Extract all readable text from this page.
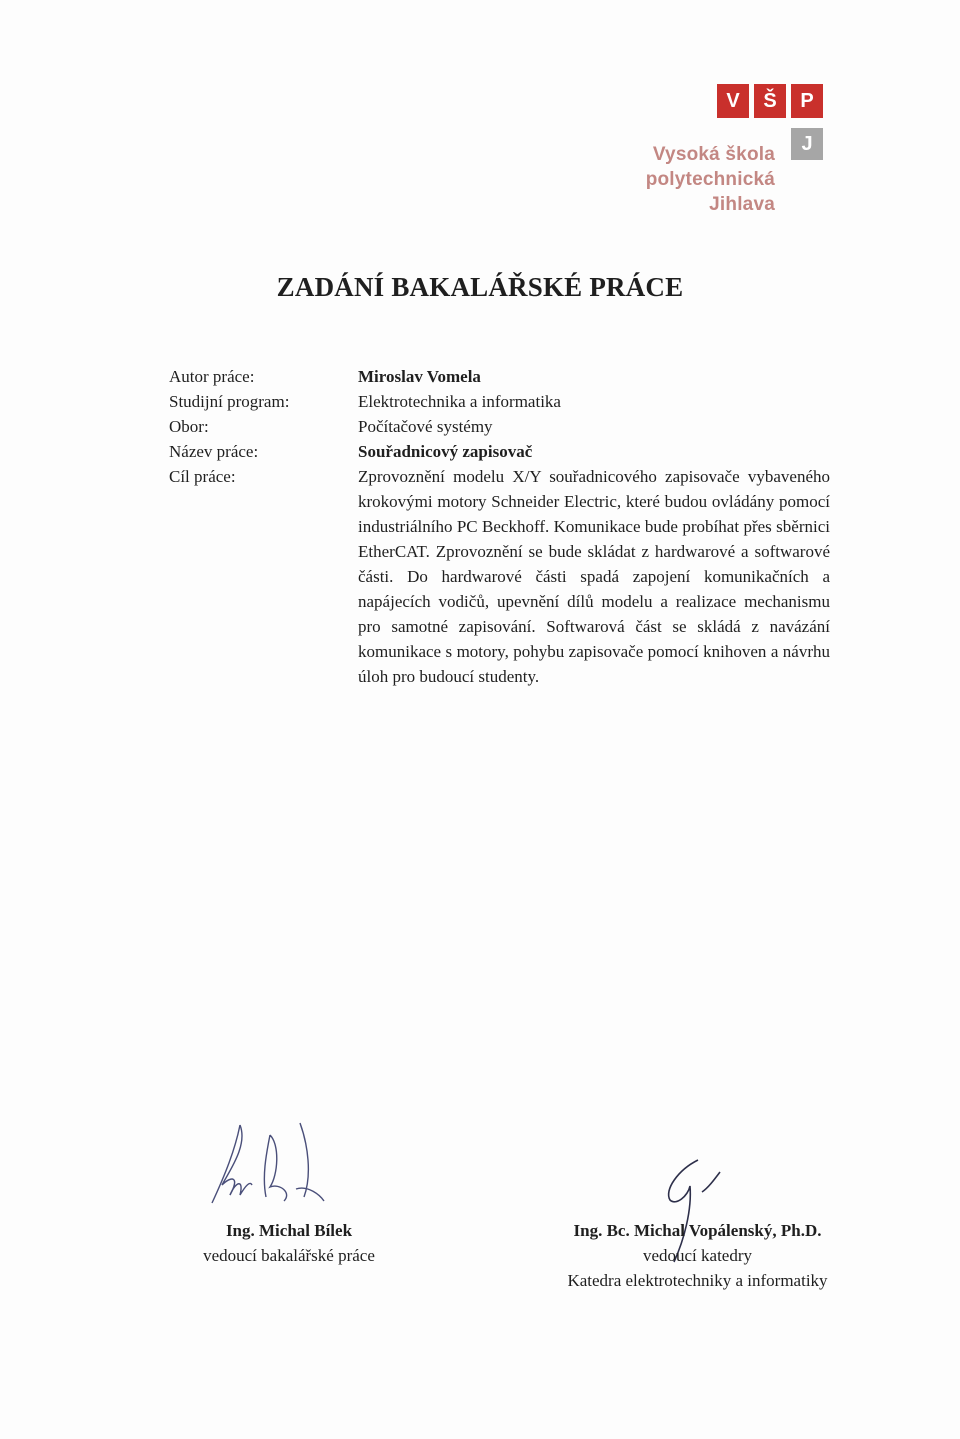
V	Š	P
J
Vysoká škola
polytechnická
Jihlava
ZADÁNÍ BAKALÁŘSKÉ PRÁCE
Autor práce:
Studijní program:
Obor:
Název práce:
Cíl práce:
Miroslav Vomela
Elektrotechnika a informatika
Počítačové systémy
Souřadnicový zapisovač
Zprovoznění modelu X/Y souřadnicového zapisovače vybaveného krokovými motory Schneider Electric, které budou ovládány pomocí industriálního PC Beckhoff. Komunikace bude probíhat přes sběrnici EtherCAT. Zprovoznění se bude skládat z hardwarové a softwarové části. Do hardwarové části spadá zapojení komunikačních a napájecích vodičů, upevnění dílů modelu a realizace mechanismu pro samotné zapisování. Softwarová část se skládá z navázání komunikace s motory, pohybu zapisovače pomocí knihoven a návrhu úloh pro budoucí studenty.
Ing. Michal Bílek
vedoucí bakalářské práce
Ing. Bc. Michal Vopálenský, Ph.D.
vedoucí katedry
Katedra elektrotechniky a informatiky
